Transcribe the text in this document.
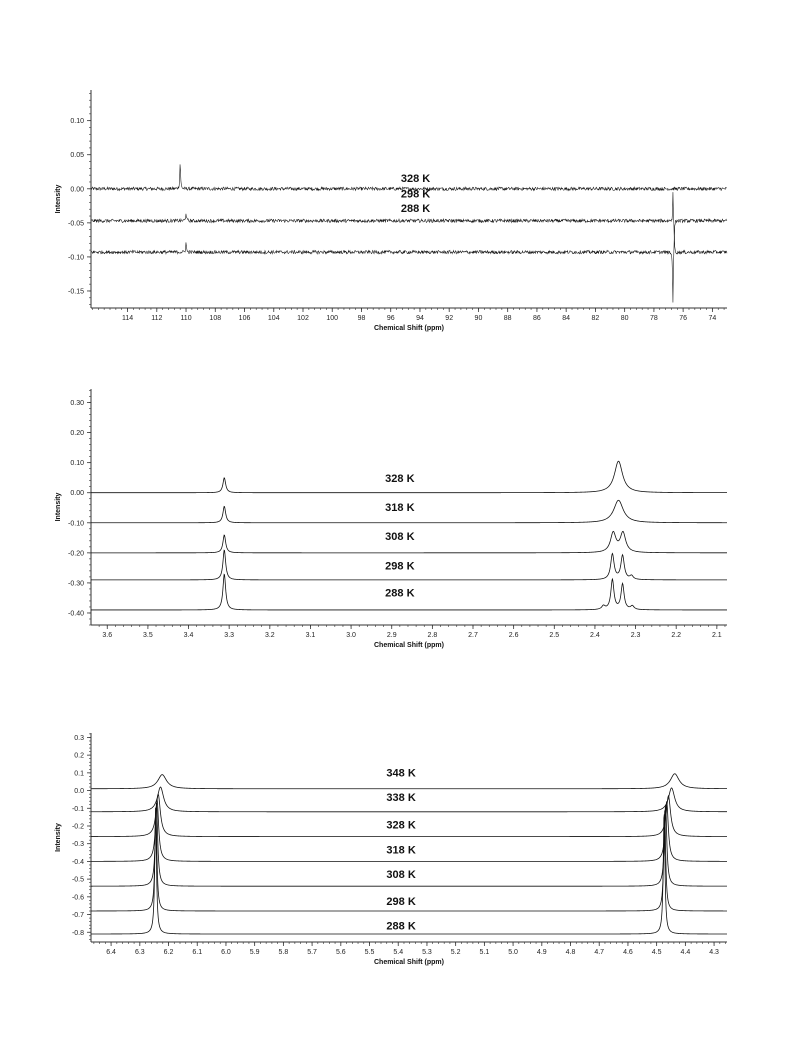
0.10
0.05
0.00
-0.05
-0.10
-0.15
114	112	110	108	106	104	102	100	98	96	94	92	90	88	86	84	82	80	78	76	74
Chemical Shift (ppm)
Intensity
328 K
298 K
288 K
0.30
0.20
0.10
0.00
-0.10
-0.20
-0.30
-0.40
3.6	3.5	3.4	3.3	3.2	3.1	3.0	2.9	2.8	2.7	2.6	2.5	2.4	2.3	2.2	2.1
Chemical Shift (ppm)
Intensity
328 K
318 K
308 K
298 K
288 K
0.3
0.2
0.1
0.0
-0.1
-0.2
-0.3
-0.4
-0.5
-0.6
-0.7
-0.8
6.4	6.3	6.2	6.1	6.0	5.9	5.8	5.7	5.6	5.5	5.4	5.3	5.2	5.1	5.0	4.9	4.8	4.7	4.6	4.5	4.4	4.3
Chemical Shift (ppm)
Intensity
348 K
338 K
328 K
318 K
308 K
298 K
288 K
